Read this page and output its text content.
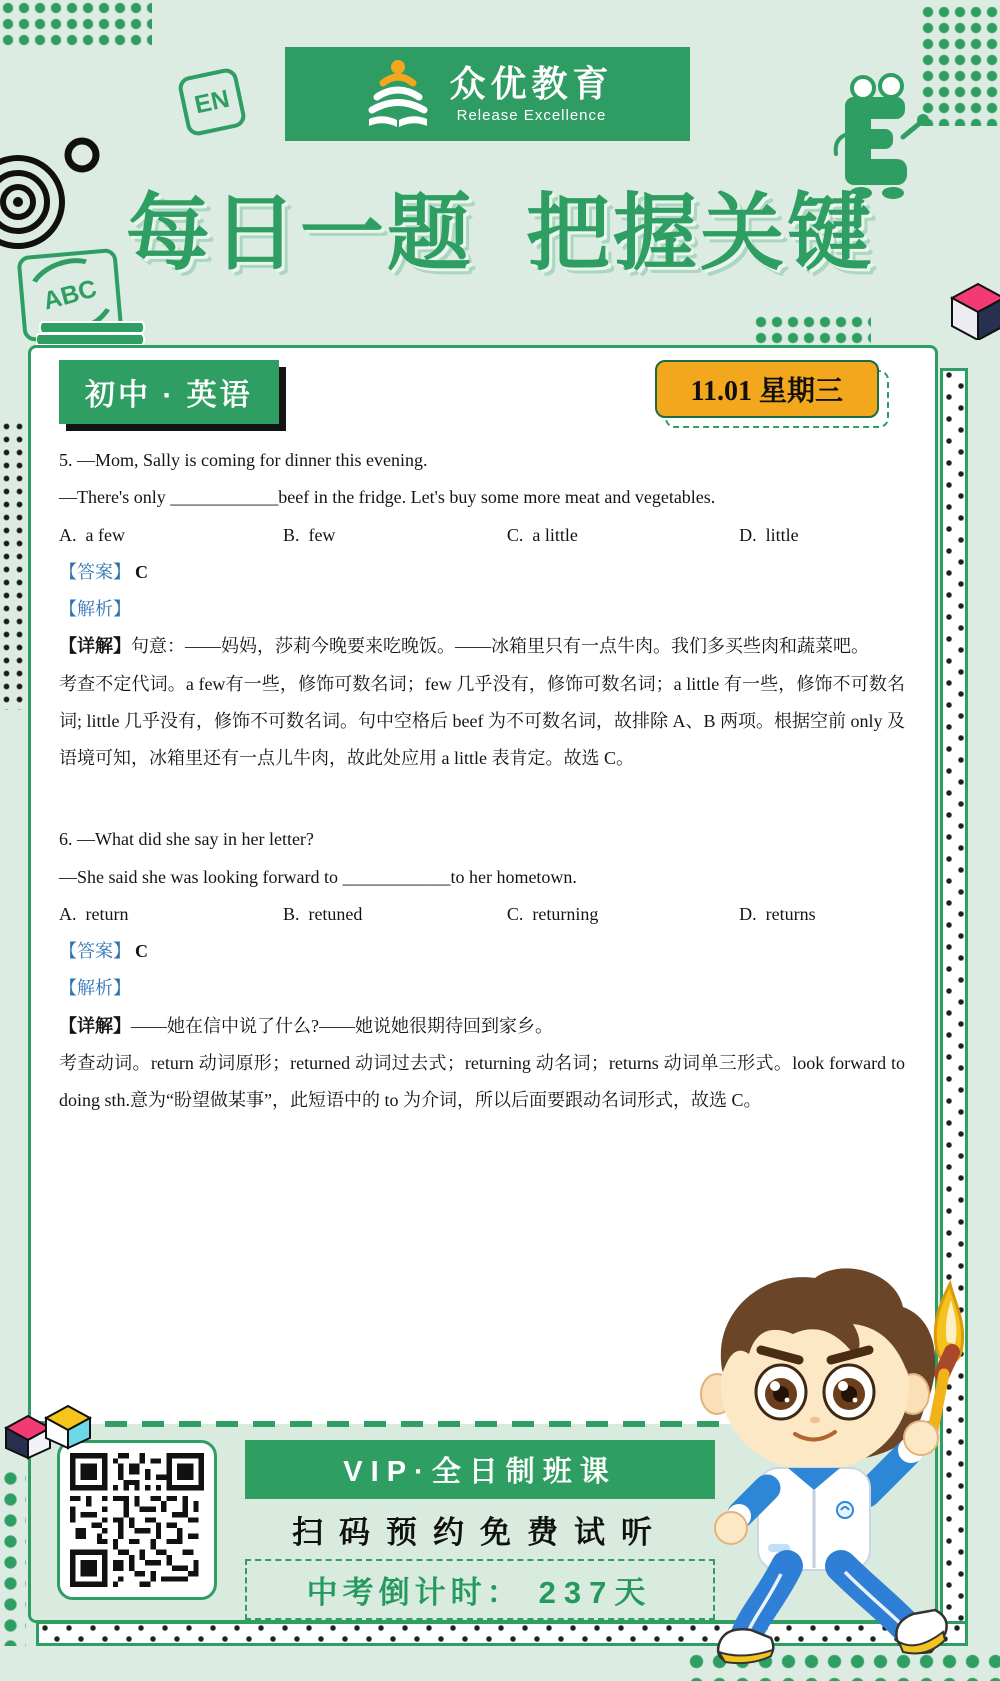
EN
ABC
众优教育
Release Excellence
每日一题 把握关键
初中 · 英语	11.01 星期三

5. —Mom, Sally is coming for dinner this evening.

—There's only ____________beef in the fridge. Let's buy some more meat and vegetables.

A.  a few	B.  few	C.  a little	D.  little

【答案】 C

【解析】

【详解】句意：——妈妈，莎莉今晚要来吃晚饭。——冰箱里只有一点牛肉。我们多买些肉和蔬菜吧。

考查不定代词。a few有一些，修饰可数名词；few 几乎没有，修饰可数名词；a little 有一些，修饰不可数名词; little 几乎没有，修饰不可数名词。句中空格后 beef 为不可数名词，故排除 A、B 两项。根据空前 only 及语境可知，冰箱里还有一点儿牛肉，故此处应用 a little 表肯定。故选 C。

6. —What did she say in her letter?

—She said she was looking forward to ____________to her hometown.

A.  return	B.  retuned	C.  returning	D.  returns

【答案】 C

【解析】

【详解】——她在信中说了什么?——她说她很期待回到家乡。

考查动词。return 动词原形；returned 动词过去式；returning 动名词；returns 动词单三形式。look forward to doing sth.意为“盼望做某事”，此短语中的 to 为介词，所以后面要跟动名词形式，故选 C。

VIP·全日制班课
扫码预约免费试听
中考倒计时： 237天
